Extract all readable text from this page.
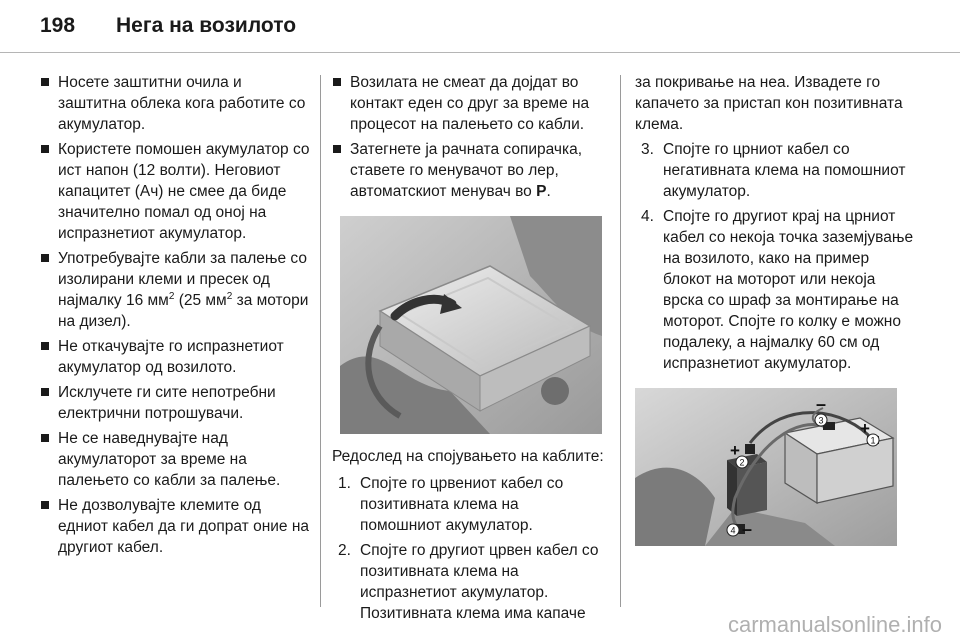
198 Нега на возилото
Носете заштитни очила и заштитна облека кога работите со акумулатор.
Користете помошен акумулатор со ист напон (12 волти). Неговиот капацитет (Ач) не смее да биде значително помал од оној на испразнетиот акумулатор.
Употребувајте кабли за палење со изолирани клеми и пресек од најмалку 16 $мм^2$ (25 $мм^2$ за мотори на дизел).
Не откачувајте го испразнетиот акумулатор од возилото.
Исклучете ги сите непотребни електрични потрошувачи.
Не се наведнувајте над акумулаторот за време на палењето со кабли за палење.
Не дозволувајте клемите од едниот кабел да ги допрат оние на другиот кабел.
Возилата не смеат да дојдат во контакт еден со друг за време на процесот на палењето со кабли.
Затегнете ја рачната сопирачка, ставете го менувачот во лер, автоматскиот менувач во P.

Редослед на спојувањето на каблите:

1. Спојте го црвениот кабел со позитивната клема на помошниот акумулатор.
2. Спојте го другиот црвен кабел со позитивната клема на испразнетиот акумулатор. Позитивната клема има капаче

за покривање на неа. Извадете го капачето за пристап кон позитивната клема.

3. Спојте го црниот кабел со негативната клема на помошниот акумулатор.
4. Спојте го другиот крај на црниот кабел со некоја точка заземјување на возилото, како на пример блокот на моторот или некоја врска со шраф за монтирање на моторот. Спојте го колку е можно подалеку, а најмалку 60 см од испразнетиот акумулатор.
1
2
3
4
–
+
+
–
carmanualsonline.info
